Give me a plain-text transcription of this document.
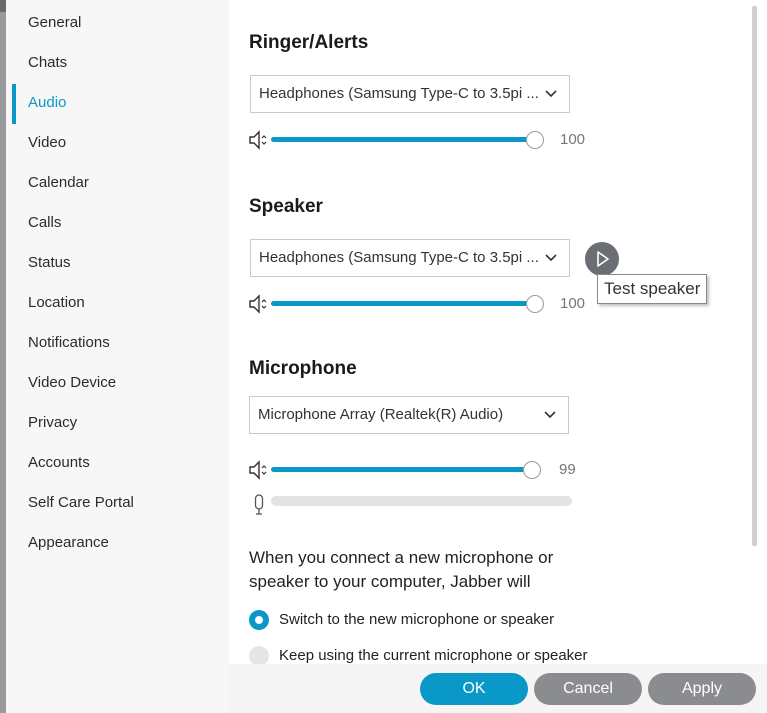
General
Chats
Audio
Video
Calendar
Calls
Status
Location
Notifications
Video Device
Privacy
Accounts
Self Care Portal
Appearance
Ringer/Alerts
Headphones (Samsung Type-C to 3.5pi ...
100
Speaker
Headphones (Samsung Type-C to 3.5pi ...
Test speaker
100
Microphone
Microphone Array (Realtek(R) Audio)
99
When you connect a new microphone or speaker to your computer, Jabber will
Switch to the new microphone or speaker
Keep using the current microphone or speaker
OK	Cancel	Apply
